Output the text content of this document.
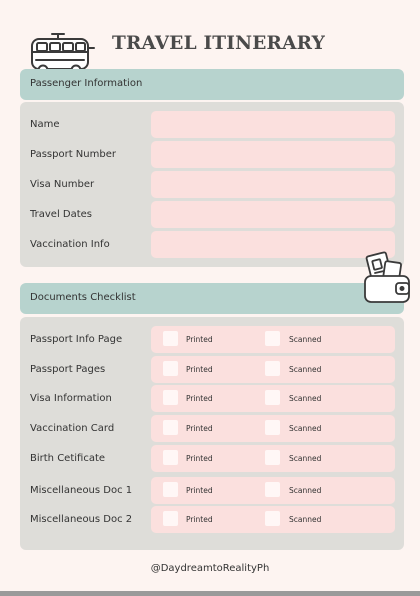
TRAVEL ITINERARY
Passenger Information
Name
Passport Number
Visa Number
Travel Dates
Vaccination Info
Documents Checklist
Passport Info Page	Printed	Scanned
Passport Pages	Printed	Scanned
Visa Information	Printed	Scanned
Vaccination Card	Printed	Scanned
Birth Cetificate	Printed	Scanned
Miscellaneous Doc 1	Printed	Scanned
Miscellaneous Doc 2	Printed	Scanned
@DaydreamtoRealityPh
